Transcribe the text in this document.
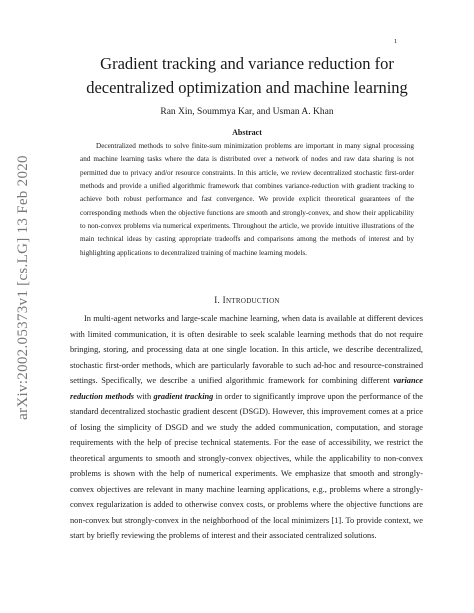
1
arXiv:2002.05373v1 [cs.LG] 13 Feb 2020
Gradient tracking and variance reduction for
decentralized optimization and machine learning
Ran Xin, Soummya Kar, and Usman A. Khan
Abstract

Decentralized methods to solve finite-sum minimization problems are important in many signal processing and machine learning tasks where the data is distributed over a network of nodes and raw data sharing is not permitted due to privacy and/or resource constraints. In this article, we review decentralized stochastic first-order methods and provide a unified algorithmic framework that combines variance-reduction with gradient tracking to achieve both robust performance and fast convergence. We provide explicit theoretical guarantees of the corresponding methods when the objective functions are smooth and strongly-convex, and show their applicability to non-convex problems via numerical experiments. Throughout the article, we provide intuitive illustrations of the main technical ideas by casting appropriate tradeoffs and comparisons among the methods of interest and by highlighting applications to decentralized training of machine learning models.

I. INTRODUCTION

In multi-agent networks and large-scale machine learning, when data is available at different devices with limited communication, it is often desirable to seek scalable learning methods that do not require bringing, storing, and processing data at one single location. In this article, we describe decentralized, stochastic first-order methods, which are particularly favorable to such ad-hoc and resource-constrained settings. Specifically, we describe a unified algorithmic framework for combining different variance reduction methods with gradient tracking in order to significantly improve upon the performance of the standard decentralized stochastic gradient descent (DSGD). However, this improvement comes at a price of losing the simplicity of DSGD and we study the added communication, computation, and storage requirements with the help of precise technical statements. For the ease of accessibility, we restrict the theoretical arguments to smooth and strongly-convex objectives, while the applicability to non-convex problems is shown with the help of numerical experiments. We emphasize that smooth and strongly-convex objectives are relevant in many machine learning applications, e.g., problems where a strongly-convex regularization is added to otherwise convex costs, or problems where the objective functions are non-convex but strongly-convex in the neighborhood of the local minimizers [1]. To provide context, we start by briefly reviewing the problems of interest and their associated centralized solutions.
